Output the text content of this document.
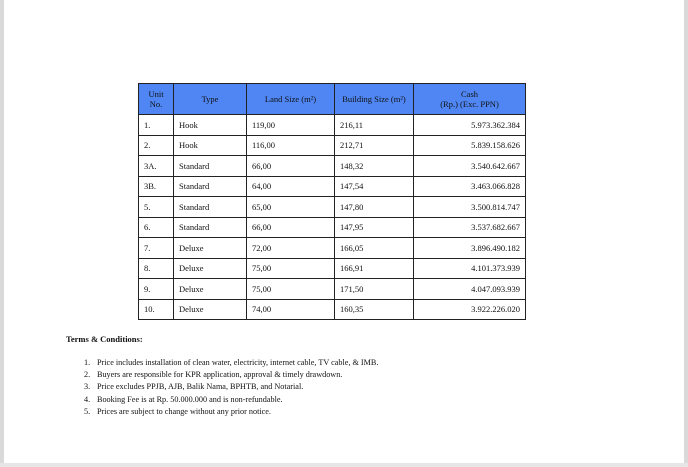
Unit
No.	Type	Land Size (m²)	Building Size (m²)	Cash
(Rp.) (Exc. PPN)
1.	Hook	119,00	216,11	5.973.362.384
2.	Hook	116,00	212,71	5.839.158.626
3A.	Standard	66,00	148,32	3.540.642.667
3B.	Standard	64,00	147,54	3.463.066.828
5.	Standard	65,00	147,80	3.500.814.747
6.	Standard	66,00	147,95	3.537.682.667
7.	Deluxe	72,00	166,05	3.896.490.182
8.	Deluxe	75,00	166,91	4.101.373.939
9.	Deluxe	75,00	171,50	4.047.093.939
10.	Deluxe	74,00	160,35	3.922.226.020

Terms & Conditions:

1. Price includes installation of clean water, electricity, internet cable, TV cable, & IMB.
2. Buyers are responsible for KPR application, approval & timely drawdown.
3. Price excludes PPJB, AJB, Balik Nama, BPHTB, and Notarial.
4. Booking Fee is at Rp. 50.000.000 and is non-refundable.
5. Prices are subject to change without any prior notice.
